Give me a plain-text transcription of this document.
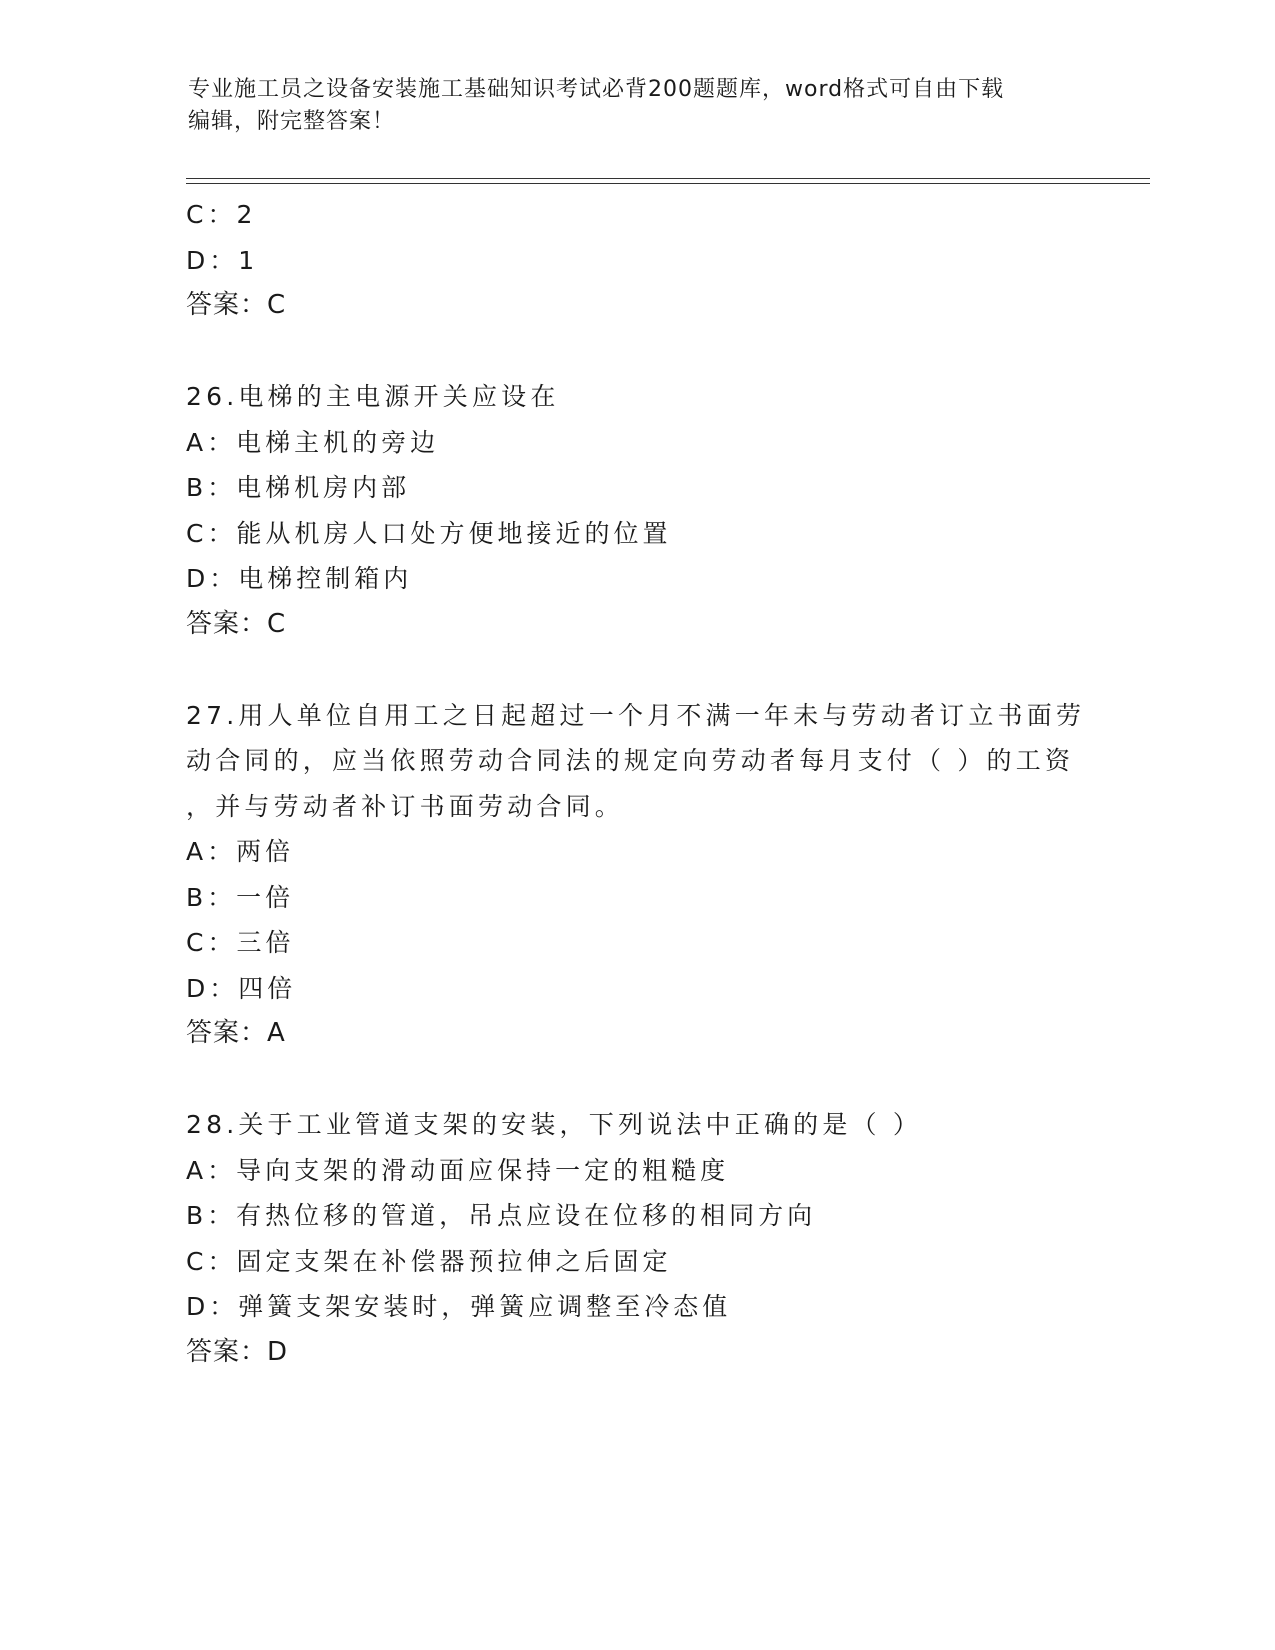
专业施工员之设备安装施工基础知识考试必背200题题库，word格式可自由下载
编辑，附完整答案！
C：2
D：1
答案：C
26.电梯的主电源开关应设在
A：电梯主机的旁边
B：电梯机房内部
C：能从机房人口处方便地接近的位置
D：电梯控制箱内
答案：C
27.用人单位自用工之日起超过一个月不满一年未与劳动者订立书面劳
动合同的，应当依照劳动合同法的规定向劳动者每月支付（ ）的工资
，并与劳动者补订书面劳动合同。
A：两倍
B：一倍
C：三倍
D：四倍
答案：A
28.关于工业管道支架的安装，下列说法中正确的是（ ）
A：导向支架的滑动面应保持一定的粗糙度
B：有热位移的管道，吊点应设在位移的相同方向
C：固定支架在补偿器预拉伸之后固定
D：弹簧支架安装时，弹簧应调整至冷态值
答案：D
